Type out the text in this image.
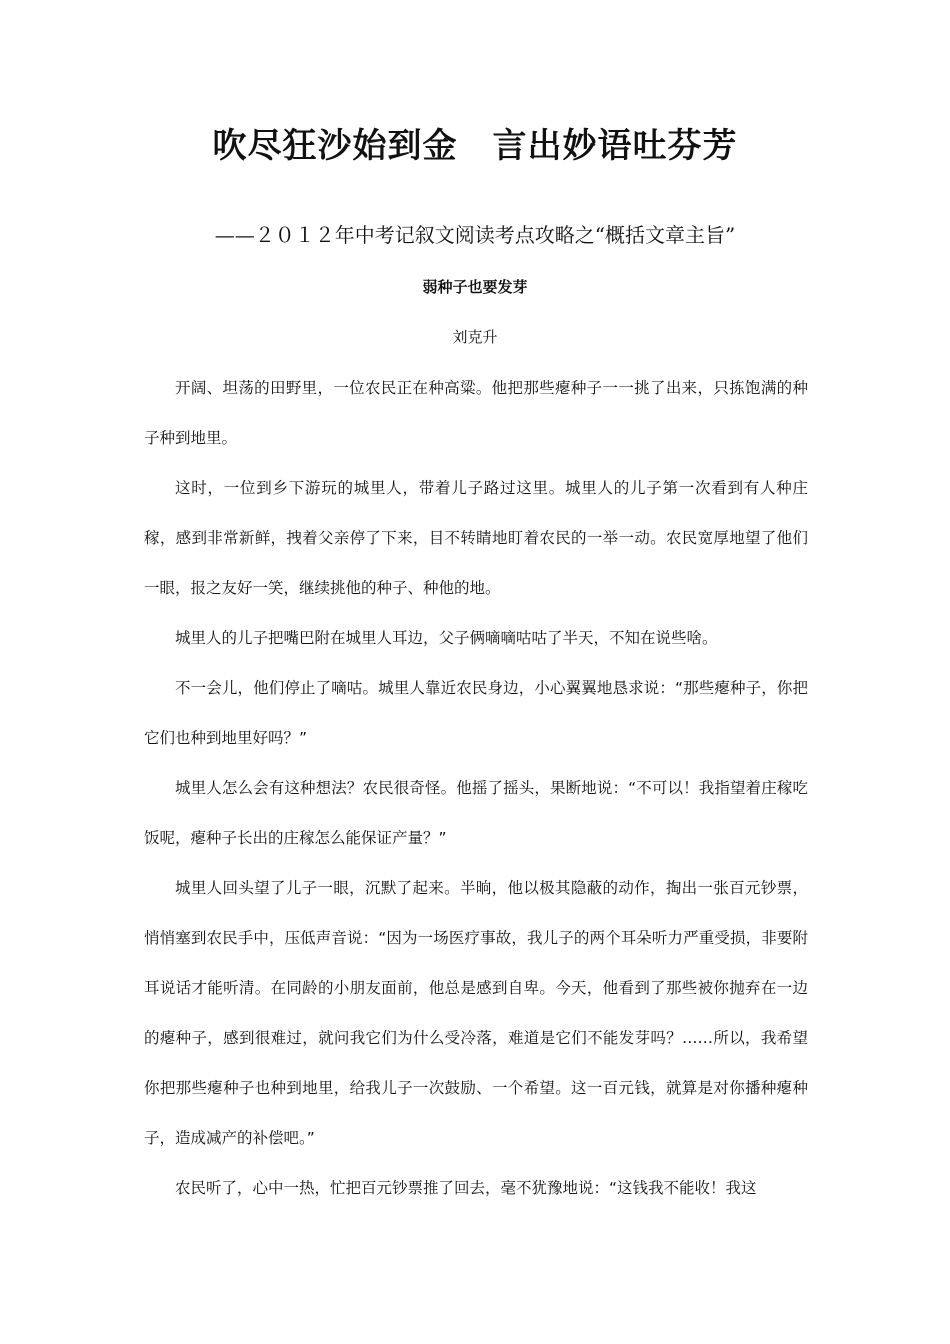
吹尽狂沙始到金　言出妙语吐芬芳
——２０１２年中考记叙文阅读考点攻略之“概括文章主旨”
弱种子也要发芽
刘克升

开阔、坦荡的田野里，一位农民正在种高粱。他把那些瘪种子一一挑了出来，只拣饱满的种子种到地里。

这时，一位到乡下游玩的城里人，带着儿子路过这里。城里人的儿子第一次看到有人种庄稼，感到非常新鲜，拽着父亲停了下来，目不转睛地盯着农民的一举一动。农民宽厚地望了他们一眼，报之友好一笑，继续挑他的种子、种他的地。

城里人的儿子把嘴巴附在城里人耳边，父子俩嘀嘀咕咕了半天，不知在说些啥。

不一会儿，他们停止了嘀咕。城里人靠近农民身边，小心翼翼地恳求说：“那些瘪种子，你把它们也种到地里好吗？”

城里人怎么会有这种想法？农民很奇怪。他摇了摇头，果断地说：“不可以！我指望着庄稼吃饭呢，瘪种子长出的庄稼怎么能保证产量？”

城里人回头望了儿子一眼，沉默了起来。半晌，他以极其隐蔽的动作，掏出一张百元钞票，悄悄塞到农民手中，压低声音说：“因为一场医疗事故，我儿子的两个耳朵听力严重受损，非要附耳说话才能听清。在同龄的小朋友面前，他总是感到自卑。今天，他看到了那些被你抛弃在一边的瘪种子，感到很难过，就问我它们为什么受冷落，难道是它们不能发芽吗？……所以，我希望你把那些瘪种子也种到地里，给我儿子一次鼓励、一个希望。这一百元钱，就算是对你播种瘪种子，造成减产的补偿吧。”

农民听了，心中一热，忙把百元钞票推了回去，毫不犹豫地说：“这钱我不能收！我这
